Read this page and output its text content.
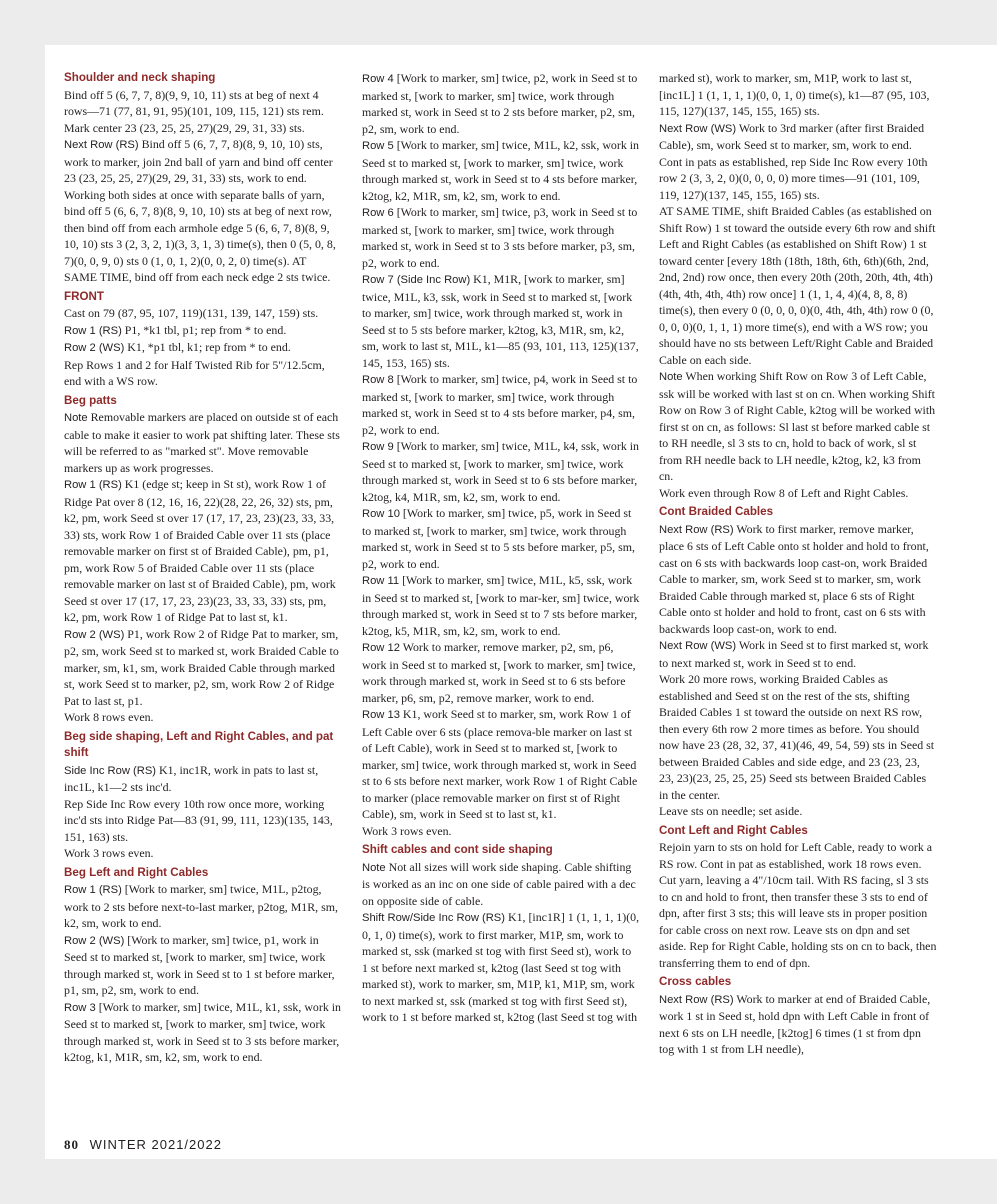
Shoulder and neck shaping
Bind off 5 (6, 7, 7, 8)(9, 9, 10, 11) sts at beg of next 4 rows—71 (77, 81, 91, 95)(101, 109, 115, 121) sts rem. Mark center 23 (23, 25, 25, 27)(29, 29, 31, 33) sts.
Next Row (RS) Bind off 5 (6, 7, 7, 8)(8, 9, 10, 10) sts, work to marker, join 2nd ball of yarn and bind off center 23 (23, 25, 25, 27)(29, 29, 31, 33) sts, work to end. Working both sides at once with separate balls of yarn, bind off 5 (6, 6, 7, 8)(8, 9, 10, 10) sts at beg of next row, then bind off from each armhole edge 5 (6, 6, 7, 8)(8, 9, 10, 10) sts 3 (2, 3, 2, 1)(3, 3, 1, 3) time(s), then 0 (5, 0, 8, 7)(0, 0, 9, 0) sts 0 (1, 0, 1, 2)(0, 0, 2, 0) time(s). AT SAME TIME, bind off from each neck edge 2 sts twice.
FRONT
Cast on 79 (87, 95, 107, 119)(131, 139, 147, 159) sts.
Row 1 (RS) P1, *k1 tbl, p1; rep from * to end.
Row 2 (WS) K1, *p1 tbl, k1; rep from * to end.
Rep Rows 1 and 2 for Half Twisted Rib for 5"/12.5cm, end with a WS row.
Beg patts
Note Removable markers are placed on outside st of each cable to make it easier to work pat shifting later. These sts will be referred to as "marked st". Move removable markers up as work progresses.
Row 1 (RS) K1 (edge st; keep in St st), work Row 1 of Ridge Pat over 8 (12, 16, 16, 22)(28, 22, 26, 32) sts, pm, k2, pm, work Seed st over 17 (17, 17, 23, 23)(23, 33, 33, 33) sts, work Row 1 of Braided Cable over 11 sts (place removable marker on first st of Braided Cable), pm, p1, pm, work Row 5 of Braided Cable over 11 sts (place removable marker on last st of Braided Cable), pm, work Seed st over 17 (17, 17, 23, 23)(23, 33, 33, 33) sts, pm, k2, pm, work Row 1 of Ridge Pat to last st, k1.
Row 2 (WS) P1, work Row 2 of Ridge Pat to marker, sm, p2, sm, work Seed st to marked st, work Braided Cable to marker, sm, k1, sm, work Braided Cable through marked st, work Seed st to marker, p2, sm, work Row 2 of Ridge Pat to last st, p1.
Work 8 rows even.
Beg side shaping, Left and Right Cables, and pat shift
Side Inc Row (RS) K1, inc1R, work in pats to last st, inc1L, k1—2 sts inc'd.
Rep Side Inc Row every 10th row once more, working inc'd sts into Ridge Pat—83 (91, 99, 111, 123)(135, 143, 151, 163) sts.
Work 3 rows even.
Beg Left and Right Cables
Row 1 (RS) [Work to marker, sm] twice, M1L, p2tog, work to 2 sts before next-to-last marker, p2tog, M1R, sm, k2, sm, work to end.
Row 2 (WS) [Work to marker, sm] twice, p1, work in Seed st to marked st, [work to marker, sm] twice, work through marked st, work in Seed st to 1 st before marker, p1, sm, p2, sm, work to end.
Row 3 [Work to marker, sm] twice, M1L, k1, ssk, work in Seed st to marked st, [work to marker, sm] twice, work through marked st, work in Seed st to 3 sts before marker, k2tog, k1, M1R, sm, k2, sm, work to end.
Row 4 [Work to marker, sm] twice, p2, work in Seed st to marked st, [work to marker, sm] twice, work through marked st, work in Seed st to 2 sts before marker, p2, sm, p2, sm, work to end.
Row 5 [Work to marker, sm] twice, M1L, k2, ssk, work in Seed st to marked st, [work to marker, sm] twice, work through marked st, work in Seed st to 4 sts before marker, k2tog, k2, M1R, sm, k2, sm, work to end.
Row 6 [Work to marker, sm] twice, p3, work in Seed st to marked st, [work to marker, sm] twice, work through marked st, work in Seed st to 3 sts before marker, p3, sm, p2, work to end.
Row 7 (Side Inc Row) K1, M1R, [work to marker, sm] twice, M1L, k3, ssk, work in Seed st to marked st, [work to marker, sm] twice, work through marked st, work in Seed st to 5 sts before marker, k2tog, k3, M1R, sm, k2, sm, work to last st, M1L, k1—85 (93, 101, 113, 125)(137, 145, 153, 165) sts.
Row 8 [Work to marker, sm] twice, p4, work in Seed st to marked st, [work to marker, sm] twice, work through marked st, work in Seed st to 4 sts before marker, p4, sm, p2, work to end.
Row 9 [Work to marker, sm] twice, M1L, k4, ssk, work in Seed st to marked st, [work to marker, sm] twice, work through marked st, work in Seed st to 6 sts before marker, k2tog, k4, M1R, sm, k2, sm, work to end.
Row 10 [Work to marker, sm] twice, p5, work in Seed st to marked st, [work to marker, sm] twice, work through marked st, work in Seed st to 5 sts before marker, p5, sm, p2, work to end.
Row 11 [Work to marker, sm] twice, M1L, k5, ssk, work in Seed st to marked st, [work to mar-ker, sm] twice, work through marked st, work in Seed st to 7 sts before marker, k2tog, k5, M1R, sm, k2, sm, work to end.
Row 12 Work to marker, remove marker, p2, sm, p6, work in Seed st to marked st, [work to marker, sm] twice, work through marked st, work in Seed st to 6 sts before marker, p6, sm, p2, remove marker, work to end.
Row 13 K1, work Seed st to marker, sm, work Row 1 of Left Cable over 6 sts (place remova-ble marker on last st of Left Cable), work in Seed st to marked st, [work to marker, sm] twice, work through marked st, work in Seed st to 6 sts before next marker, work Row 1 of Right Cable to marker (place removable marker on first st of Right Cable), sm, work in Seed st to last st, k1.
Work 3 rows even.
Shift cables and cont side shaping
Note Not all sizes will work side shaping. Cable shifting is worked as an inc on one side of cable paired with a dec on opposite side of cable.
Shift Row/Side Inc Row (RS) K1, [inc1R] 1 (1, 1, 1, 1)(0, 0, 1, 0) time(s), work to first marker, M1P, sm, work to marked st, ssk (marked st tog with first Seed st), work to 1 st before next marked st, k2tog (last Seed st tog with marked st), work to marker, sm, M1P, k1, M1P, sm, work to next marked st, ssk (marked st tog with first Seed st), work to 1 st before marked st, k2tog (last Seed st tog with
marked st), work to marker, sm, M1P, work to last st, [inc1L] 1 (1, 1, 1, 1)(0, 0, 1, 0) time(s), k1—87 (95, 103, 115, 127)(137, 145, 155, 165) sts.
Next Row (WS) Work to 3rd marker (after first Braided Cable), sm, work Seed st to marker, sm, work to end.
Cont in pats as established, rep Side Inc Row every 10th row 2 (3, 3, 2, 0)(0, 0, 0, 0) more times—91 (101, 109, 119, 127)(137, 145, 155, 165) sts.
AT SAME TIME, shift Braided Cables (as established on Shift Row) 1 st toward the outside every 6th row and shift Left and Right Cables (as established on Shift Row) 1 st toward center [every 18th (18th, 18th, 6th, 6th)(6th, 2nd, 2nd, 2nd) row once, then every 20th (20th, 20th, 4th, 4th)(4th, 4th, 4th, 4th) row once] 1 (1, 1, 4, 4)(4, 8, 8, 8) time(s), then every 0 (0, 0, 0, 0)(0, 4th, 4th, 4th) row 0 (0, 0, 0, 0)(0, 1, 1, 1) more time(s), end with a WS row; you should have no sts between Left/Right Cable and Braided Cable on each side.
Note When working Shift Row on Row 3 of Left Cable, ssk will be worked with last st on cn. When working Shift Row on Row 3 of Right Cable, k2tog will be worked with first st on cn, as follows: Sl last st before marked cable st to RH needle, sl 3 sts to cn, hold to back of work, sl st from RH needle back to LH needle, k2tog, k2, k3 from cn.
Work even through Row 8 of Left and Right Cables.
Cont Braided Cables
Next Row (RS) Work to first marker, remove marker, place 6 sts of Left Cable onto st holder and hold to front, cast on 6 sts with backwards loop cast-on, work Braided Cable to marker, sm, work Seed st to marker, sm, work Braided Cable through marked st, place 6 sts of Right Cable onto st holder and hold to front, cast on 6 sts with backwards loop cast-on, work to end.
Next Row (WS) Work in Seed st to first marked st, work to next marked st, work in Seed st to end.
Work 20 more rows, working Braided Cables as established and Seed st on the rest of the sts, shifting Braided Cables 1 st toward the outside on next RS row, then every 6th row 2 more times as before. You should now have 23 (28, 32, 37, 41)(46, 49, 54, 59) sts in Seed st between Braided Cables and side edge, and 23 (23, 23, 23, 23)(23, 25, 25, 25) Seed sts between Braided Cables in the center.
Leave sts on needle; set aside.
Cont Left and Right Cables
Rejoin yarn to sts on hold for Left Cable, ready to work a RS row. Cont in pat as established, work 18 rows even. Cut yarn, leaving a 4"/10cm tail. With RS facing, sl 3 sts to cn and hold to front, then transfer these 3 sts to end of dpn, after first 3 sts; this will leave sts in proper position for cable cross on next row. Leave sts on dpn and set aside. Rep for Right Cable, holding sts on cn to back, then transferring them to end of dpn.
Cross cables
Next Row (RS) Work to marker at end of Braided Cable, work 1 st in Seed st, hold dpn with Left Cable in front of next 6 sts on LH needle, [k2tog] 6 times (1 st from dpn tog with 1 st from LH needle),
80 WINTER 2021/2022
